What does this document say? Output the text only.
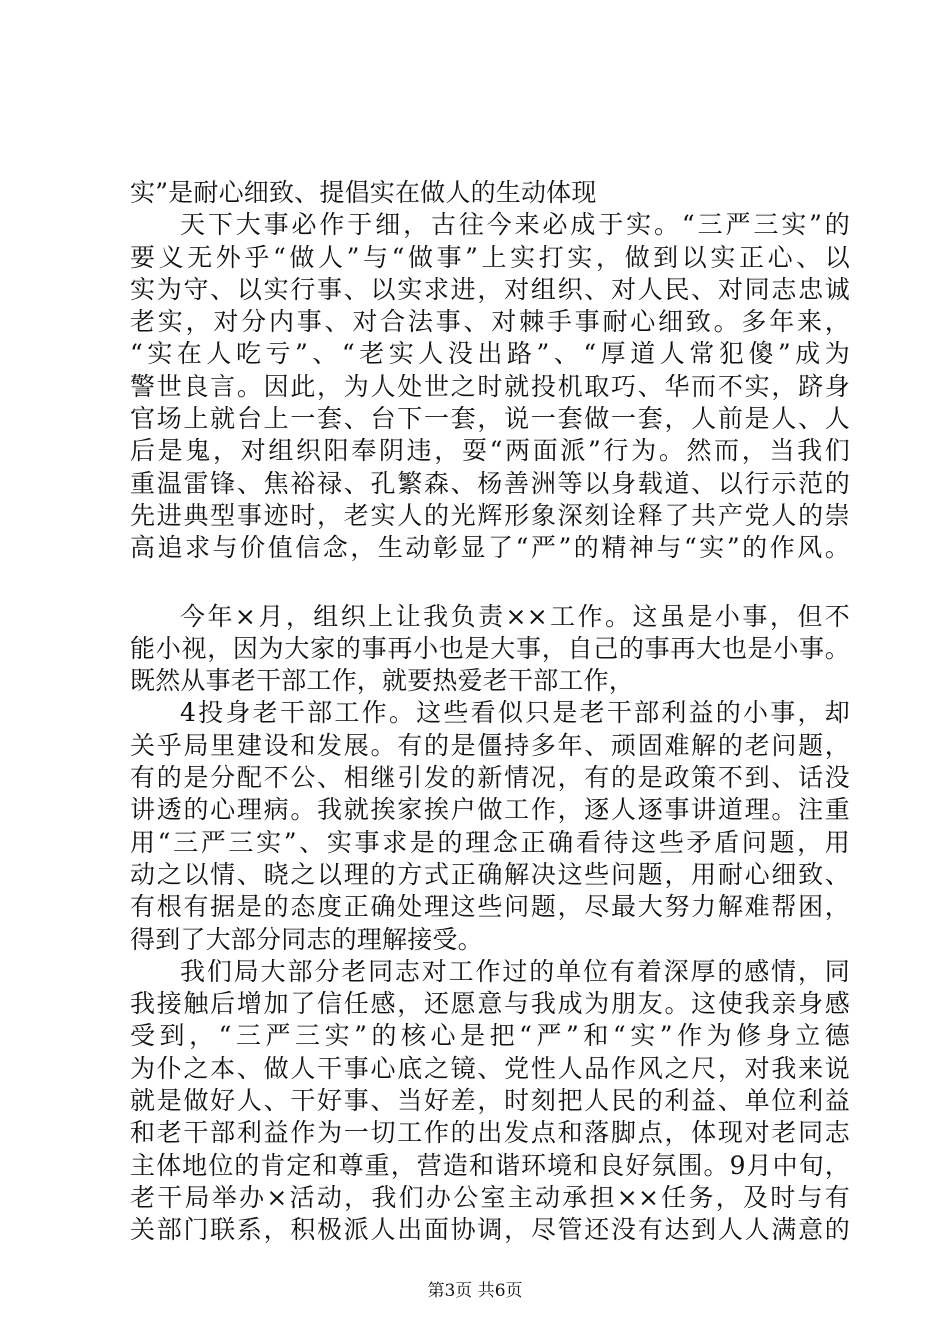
实”是耐心细致、提倡实在做人的生动体现
天下大事必作于细，古往今来必成于实。“三严三实”的
要义无外乎“做人”与“做事”上实打实，做到以实正心、以
实为守、以实行事、以实求进，对组织、对人民、对同志忠诚
老实，对分内事、对合法事、对棘手事耐心细致。多年来，
“实在人吃亏”、“老实人没出路”、“厚道人常犯傻”成为
警世良言。因此，为人处世之时就投机取巧、华而不实，跻身
官场上就台上一套、台下一套，说一套做一套，人前是人、人
后是鬼，对组织阳奉阴违，耍“两面派”行为。然而，当我们
重温雷锋、焦裕禄、孔繁森、杨善洲等以身载道、以行示范的
先进典型事迹时，老实人的光辉形象深刻诠释了共产党人的崇
高追求与价值信念，生动彰显了“严”的精神与“实”的作风。
今年×月，组织上让我负责××工作。这虽是小事，但不
能小视，因为大家的事再小也是大事，自己的事再大也是小事。
既然从事老干部工作，就要热爱老干部工作，
4投身老干部工作。这些看似只是老干部利益的小事，却
关乎局里建设和发展。有的是僵持多年、顽固难解的老问题，
有的是分配不公、相继引发的新情况，有的是政策不到、话没
讲透的心理病。我就挨家挨户做工作，逐人逐事讲道理。注重
用“三严三实”、实事求是的理念正确看待这些矛盾问题，用
动之以情、晓之以理的方式正确解决这些问题，用耐心细致、
有根有据是的态度正确处理这些问题，尽最大努力解难帮困，
得到了大部分同志的理解接受。
我们局大部分老同志对工作过的单位有着深厚的感情，同
我接触后增加了信任感，还愿意与我成为朋友。这使我亲身感
受到，“三严三实”的核心是把“严”和“实”作为修身立德
为仆之本、做人干事心底之镜、党性人品作风之尺，对我来说
就是做好人、干好事、当好差，时刻把人民的利益、单位利益
和老干部利益作为一切工作的出发点和落脚点，体现对老同志
主体地位的肯定和尊重，营造和谐环境和良好氛围。9月中旬，
老干局举办×活动，我们办公室主动承担××任务，及时与有
关部门联系，积极派人出面协调，尽管还没有达到人人满意的
第3页 共6页
